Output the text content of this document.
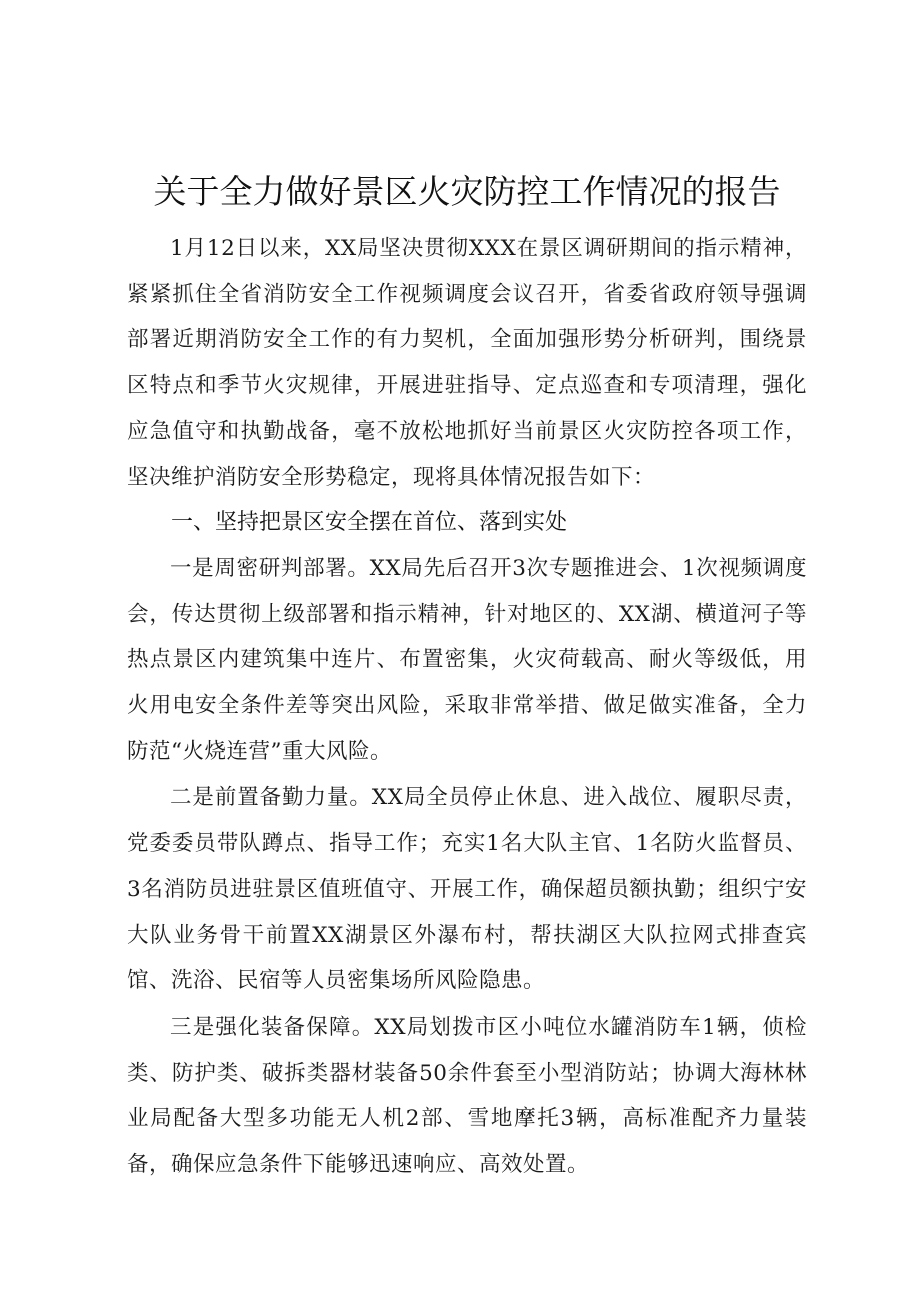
关于全力做好景区火灾防控工作情况的报告

1月12日以来，XX局坚决贯彻XXX在景区调研期间的指示精神，紧紧抓住全省消防安全工作视频调度会议召开，省委省政府领导强调部署近期消防安全工作的有力契机，全面加强形势分析研判，围绕景区特点和季节火灾规律，开展进驻指导、定点巡查和专项清理，强化应急值守和执勤战备，毫不放松地抓好当前景区火灾防控各项工作，坚决维护消防安全形势稳定，现将具体情况报告如下：

一、坚持把景区安全摆在首位、落到实处

一是周密研判部署。XX局先后召开3次专题推进会、1次视频调度会，传达贯彻上级部署和指示精神，针对地区的、XX湖、横道河子等热点景区内建筑集中连片、布置密集，火灾荷载高、耐火等级低，用火用电安全条件差等突出风险，采取非常举措、做足做实准备，全力防范“火烧连营”重大风险。

二是前置备勤力量。XX局全员停止休息、进入战位、履职尽责，党委委员带队蹲点、指导工作；充实1名大队主官、1名防火监督员、3名消防员进驻景区值班值守、开展工作，确保超员额执勤；组织宁安大队业务骨干前置XX湖景区外瀑布村，帮扶湖区大队拉网式排查宾馆、洗浴、民宿等人员密集场所风险隐患。

三是强化装备保障。XX局划拨市区小吨位水罐消防车1辆，侦检类、防护类、破拆类器材装备50余件套至小型消防站；协调大海林林业局配备大型多功能无人机2部、雪地摩托3辆，高标准配齐力量装备，确保应急条件下能够迅速响应、高效处置。
